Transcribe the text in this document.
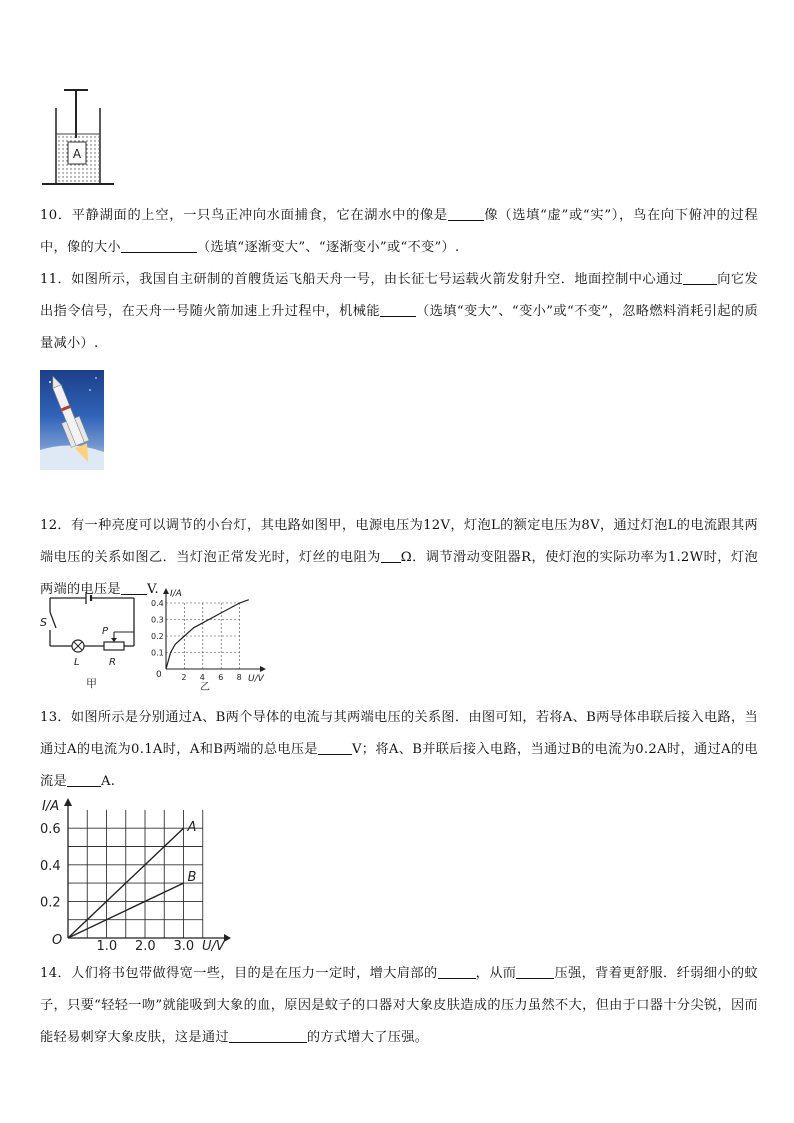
A

10．平静湖面的上空，一只鸟正冲向水面捕食，它在湖水中的像是	像（选填“虚”或“实”），鸟在向下俯冲的过程中，像的大小	（选填“逐渐变大”、“逐渐变小”或“不变”）.

11．如图所示，我国自主研制的首艘货运飞船天舟一号，由长征七号运载火箭发射升空．地面控制中心通过	向它发出指令信号，在天舟一号随火箭加速上升过程中，机械能	（选填“变大”、“变小”或“不变”，忽略燃料消耗引起的质量减小）.

12．有一种亮度可以调节的小台灯，其电路如图甲，电源电压为12V，灯泡L的额定电压为8V，通过灯泡L的电流跟其两端电压的关系如图乙．当灯泡正常发光时，灯丝的电阻为 Ω．调节滑动变阻器R，使灯泡的实际功率为1.2W时，灯泡两端的电压是 V.

S
P
L	R
甲
0.1
0.2
0.3
0.4
2 4 6 8
I/A
U/V
0
乙

13．如图所示是分别通过A、B两个导体的电流与其两端电压的关系图．由图可知，若将A、B两导体串联后接入电路，当通过A的电流为0.1A时，A和B两端的总电压是	V；将A、B并联后接入电路，当通过B的电流为0.2A时，通过A的电流是	A.

0.6
0.4
0.2
1.0 2.0 3.0
A
B
I/A
U/V
O

14．人们将书包带做得宽一些，目的是在压力一定时，增大肩部的	，从而	压强，背着更舒服．纤弱细小的蚊子，只要“轻轻一吻”就能吸到大象的血，原因是蚊子的口器对大象皮肤造成的压力虽然不大，但由于口器十分尖锐，因而能轻易刺穿大象皮肤，这是通过	的方式增大了压强。
